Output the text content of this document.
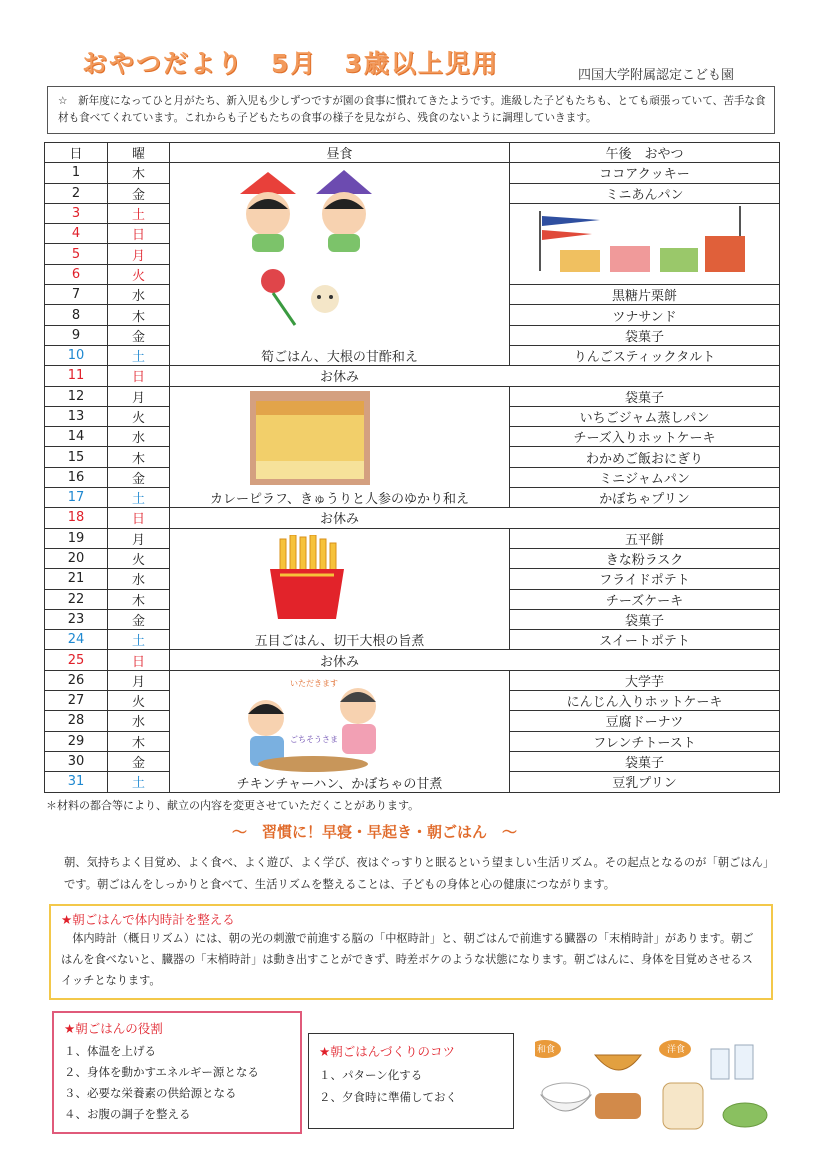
おやつだより　5月　3歳以上児用	四国大学附属認定こども園
☆　新年度になってひと月がたち、新入児も少しずつですが園の食事に慣れてきたようです。進級した子どもたちも、とても頑張っていて、苦手な食材も食べてくれています。これからも子どもたちの食事の様子を見ながら、残食のないように調理していきます。
日	曜	昼食	午後　おやつ
1	木	筍ごはん、大根の甘酢和え	ココアクッキー
2	金		ミニあんパン
3	土		
4	日		
5	月		
6	火		
7	水		黒糖片栗餅
8	木		ツナサンド
9	金		袋菓子
10	土		りんごスティックタルト
11	日	お休み	
12	月	カレーピラフ、きゅうりと人参のゆかり和え	袋菓子
13	火		いちごジャム蒸しパン
14	水		チーズ入りホットケーキ
15	木		わかめご飯おにぎり
16	金		ミニジャムパン
17	土		かぼちゃプリン
18	日	お休み	
19	月	五目ごはん、切干大根の旨煮	五平餅
20	火		きな粉ラスク
21	水		フライドポテト
22	木		チーズケーキ
23	金		袋菓子
24	土		スイートポテト
25	日	お休み	
26	月	チキンチャーハン、かぼちゃの甘煮	大学芋
27	火		にんじん入りホットケーキ
28	水		豆腐ドーナツ
29	木		フレンチトースト
30	金		袋菓子
31	土		豆乳プリン
いただきます
ごちそうさま
＊材料の都合等により、献立の内容を変更させていただくことがあります。
～　習慣に！早寝・早起き・朝ごはん　～
朝、気持ちよく目覚め、よく食べ、よく遊び、よく学び、夜はぐっすりと眠るという望ましい生活リズム。その起点となるのが「朝ごはん」です。朝ごはんをしっかりと食べて、生活リズムを整えることは、子どもの身体と心の健康につながります。
★朝ごはんで体内時計を整える
体内時計（概日リズム）には、朝の光の刺激で前進する脳の「中枢時計」と、朝ごはんで前進する臓器の「末梢時計」があります。朝ごはんを食べないと、臓器の「末梢時計」は動き出すことができず、時差ボケのような状態になります。朝ごはんに、身体を目覚めさせるスイッチとなります。
★朝ごはんの役割
１、体温を上げる
２、身体を動かすエネルギー源となる
３、必要な栄養素の供給源となる
４、お腹の調子を整える
★朝ごはんづくりのコツ
１、パターン化する
２、夕食時に準備しておく
和食	洋食
